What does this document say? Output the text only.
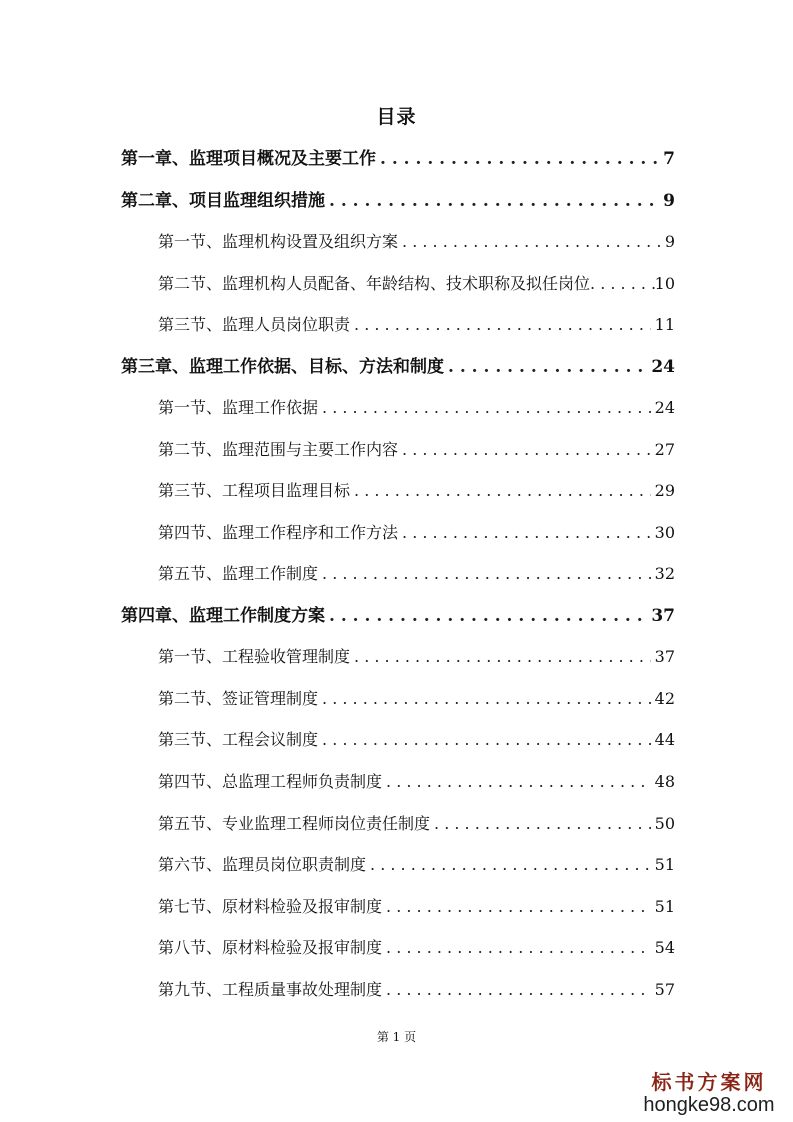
目录
第一章、监理项目概况及主要工作 . . .	7
第二章、项目监理组织措施 . . .	9
第一节、监理机构设置及组织方案 . . .	9
第二节、监理机构人员配备、年龄结构、技术职称及拟任岗位 . . .	10
第三节、监理人员岗位职责 . . .	11
第三章、监理工作依据、目标、方法和制度 . . .	24
第一节、监理工作依据 . . .	24
第二节、监理范围与主要工作内容 . . .	27
第三节、工程项目监理目标 . . .	29
第四节、监理工作程序和工作方法 . . .	30
第五节、监理工作制度 . . .	32
第四章、监理工作制度方案 . . .	37
第一节、工程验收管理制度 . . .	37
第二节、签证管理制度 . . .	42
第三节、工程会议制度 . . .	44
第四节、总监理工程师负责制度 . . .	48
第五节、专业监理工程师岗位责任制度 . . .	50
第六节、监理员岗位职责制度 . . .	51
第七节、原材料检验及报审制度 . . .	51
第八节、原材料检验及报审制度 . . .	54
第九节、工程质量事故处理制度 . . .	57
第 1 页
标书方案网
hongke98.com
